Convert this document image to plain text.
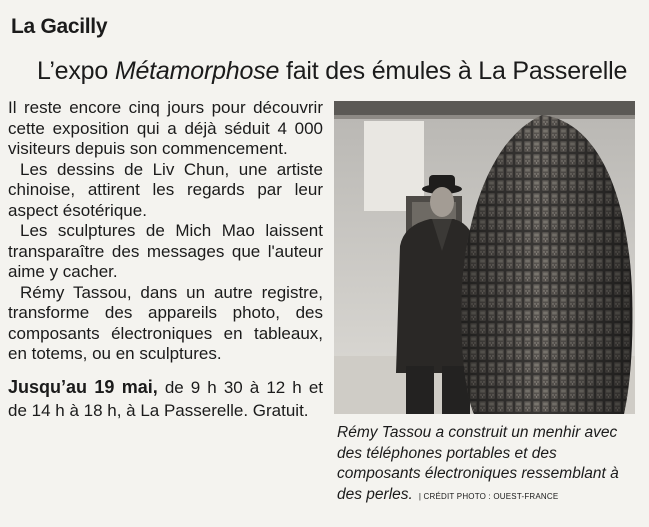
La Gacilly
L’expo Métamorphose fait des émules à La Passerelle

Il reste encore cinq jours pour découvrir cette exposition qui a déjà séduit 4 000 visiteurs depuis son commencement.

Les dessins de Liv Chun, une artiste chinoise, attirent les regards par leur aspect ésotérique.

Les sculptures de Mich Mao laissent transparaître des messages que l'auteur aime y cacher.

Rémy Tassou, dans un autre registre, transforme des appareils photo, des composants électroniques en tableaux, en totems, ou en sculptures.

Jusqu’au 19 mai, de 9 h 30 à 12 h et de 14 h à 18 h, à La Passerelle. Gratuit.

Rémy Tassou a construit un menhir avec des téléphones portables et des composants électroniques ressemblant à des perles. | CRÉDIT PHOTO : OUEST-FRANCE
